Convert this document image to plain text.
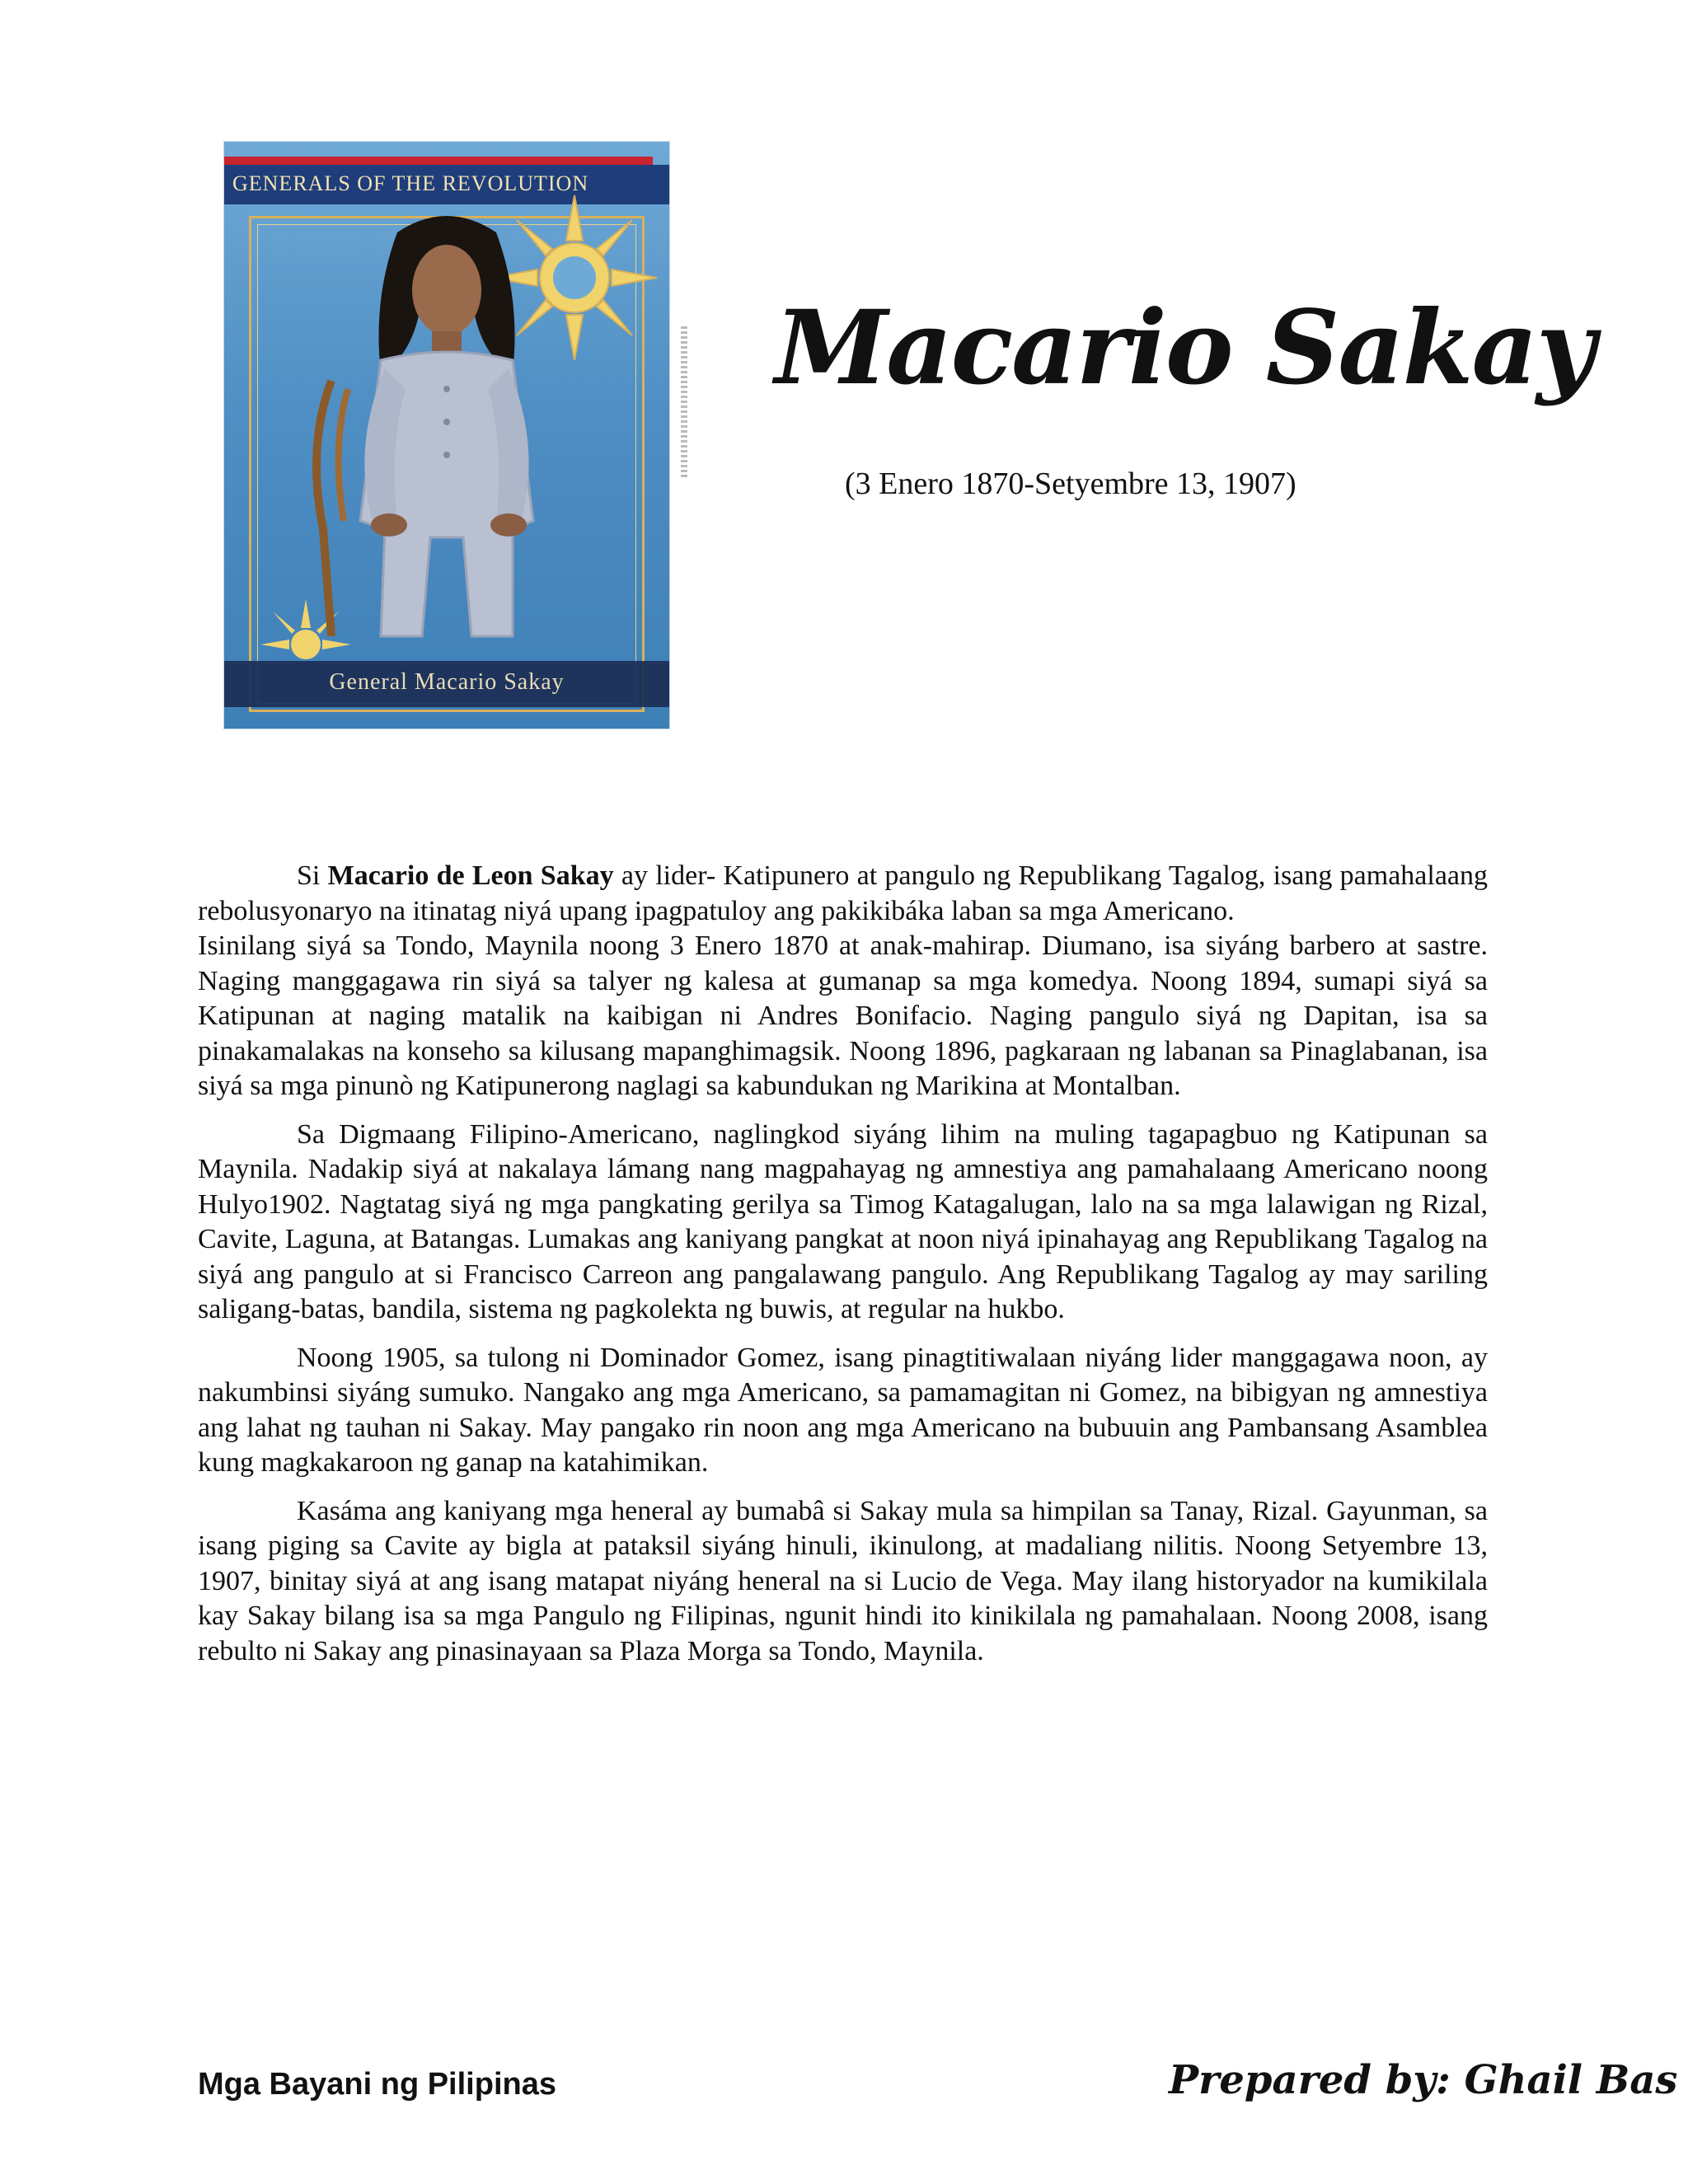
GENERALS OF THE REVOLUTION
General Macario Sakay
Macario Sakay
(3 Enero 1870-Setyembre 13, 1907)

Si Macario de Leon Sakay ay lider- Katipunero at pangulo ng Republikang Tagalog, isang pamahalaang rebolusyonaryo na itinatag niyá upang ipagpatuloy ang pakikibáka laban sa mga Americano.

Isinilang siyá sa Tondo, Maynila noong 3 Enero 1870 at anak-mahirap. Diumano, isa siyáng barbero at sastre. Naging manggagawa rin siyá sa talyer ng kalesa at gumanap sa mga komedya. Noong 1894, sumapi siyá sa Katipunan at naging matalik na kaibigan ni Andres Bonifacio. Naging pangulo siyá ng Dapitan, isa sa pinakamalakas na konseho sa kilusang mapanghimagsik. Noong 1896, pagkaraan ng labanan sa Pinaglabanan, isa siyá sa mga pinunò ng Katipunerong naglagi sa kabundukan ng Marikina at Montalban.

Sa Digmaang Filipino-Americano, naglingkod siyáng lihim na muling tagapagbuo ng Katipunan sa Maynila. Nadakip siyá at nakalaya lámang nang magpahayag ng amnestiya ang pamahalaang Americano noong Hulyo1902. Nagtatag siyá ng mga pangkating gerilya sa Timog Katagalugan, lalo na sa mga lalawigan ng Rizal, Cavite, Laguna, at Batangas. Lumakas ang kaniyang pangkat at noon niyá ipinahayag ang Republikang Tagalog na siyá ang pangulo at si Francisco Carreon ang pangalawang pangulo. Ang Republikang Tagalog ay may sariling saligang-batas, bandila, sistema ng pagkolekta ng buwis, at regular na hukbo.

Noong 1905, sa tulong ni Dominador Gomez, isang pinagtitiwalaan niyáng lider manggagawa noon, ay nakumbinsi siyáng sumuko. Nangako ang mga Americano, sa pamamagitan ni Gomez, na bibigyan ng amnestiya ang lahat ng tauhan ni Sakay. May pangako rin noon ang mga Americano na bubuuin ang Pambansang Asamblea kung magkakaroon ng ganap na katahimikan.

Kasáma ang kaniyang mga heneral ay bumabâ si Sakay mula sa himpilan sa Tanay, Rizal. Gayunman, sa isang piging sa Cavite ay bigla at pataksil siyáng hinuli, ikinulong, at madaliang nilitis. Noong Setyembre 13, 1907, binitay siyá at ang isang matapat niyáng heneral na si Lucio de Vega. May ilang historyador na kumikilala kay Sakay bilang isa sa mga Pangulo ng Filipinas, ngunit hindi ito kinikilala ng pamahalaan. Noong 2008, isang rebulto ni Sakay ang pinasinayaan sa Plaza Morga sa Tondo, Maynila.

Mga Bayani ng Pilipinas	Prepared by: Ghail Bas
